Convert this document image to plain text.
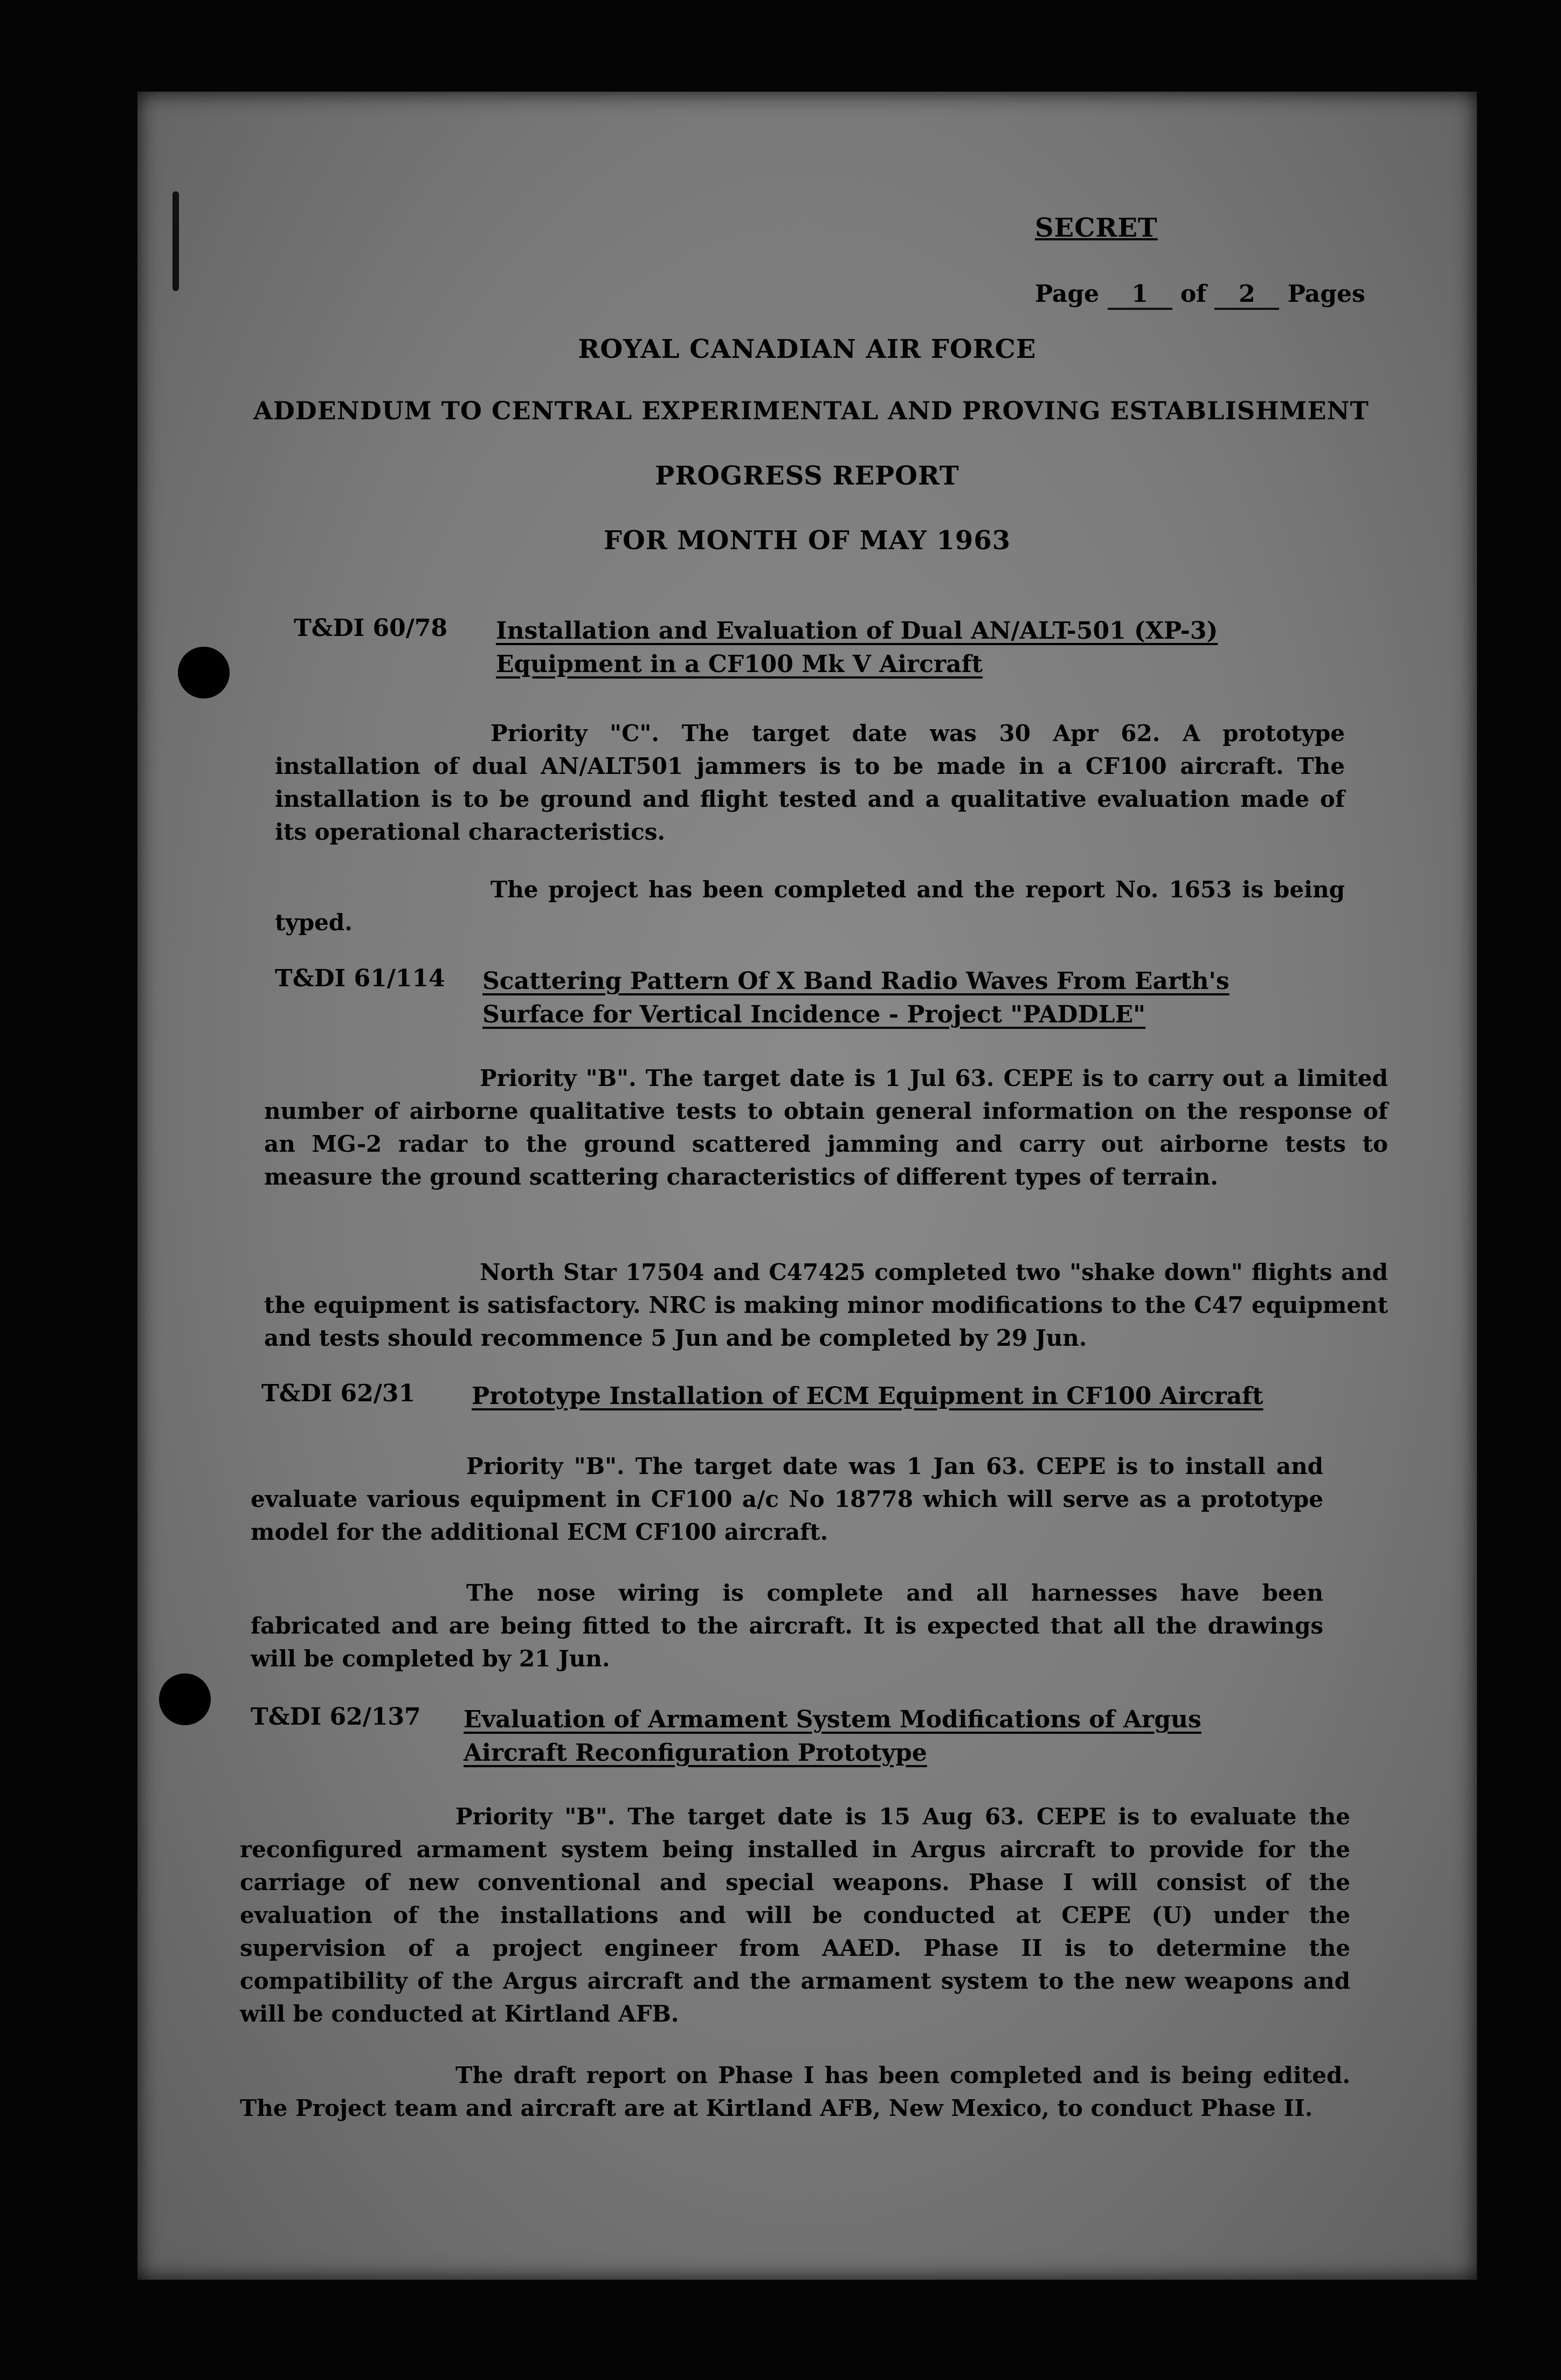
SECRET
Page 1 of 2 Pages
ROYAL CANADIAN AIR FORCE
ADDENDUM TO CENTRAL EXPERIMENTAL AND PROVING ESTABLISHMENT
PROGRESS REPORT
FOR MONTH OF MAY 1963
T&DI 60/78 Installation and Evaluation of Dual AN/ALT-501 (XP-3)
Equipment in a CF100 Mk V Aircraft
Priority "C". The target date was 30 Apr 62. A prototype installation of dual AN/ALT501 jammers is to be made in a CF100 aircraft. The installation is to be ground and flight tested and a qualitative evaluation made of its operational characteristics.
The project has been completed and the report No. 1653 is being typed.
T&DI 61/114 Scattering Pattern Of X Band Radio Waves From Earth's
Surface for Vertical Incidence - Project "PADDLE"
Priority "B". The target date is 1 Jul 63. CEPE is to carry out a limited number of airborne qualitative tests to obtain general information on the response of an MG-2 radar to the ground scattered jamming and carry out airborne tests to measure the ground scattering characteristics of different types of terrain.
North Star 17504 and C47425 completed two "shake down" flights and the equipment is satisfactory. NRC is making minor modifications to the C47 equipment and tests should recommence 5 Jun and be completed by 29 Jun.
T&DI 62/31 Prototype Installation of ECM Equipment in CF100 Aircraft
Priority "B". The target date was 1 Jan 63. CEPE is to install and evaluate various equipment in CF100 a/c No 18778 which will serve as a prototype model for the additional ECM CF100 aircraft.
The nose wiring is complete and all harnesses have been fabricated and are being fitted to the aircraft. It is expected that all the drawings will be completed by 21 Jun.
T&DI 62/137 Evaluation of Armament System Modifications of Argus
Aircraft Reconfiguration Prototype
Priority "B". The target date is 15 Aug 63. CEPE is to evaluate the reconfigured armament system being installed in Argus aircraft to provide for the carriage of new conventional and special weapons. Phase I will consist of the evaluation of the installations and will be conducted at CEPE (U) under the supervision of a project engineer from AAED. Phase II is to determine the compatibility of the Argus aircraft and the armament system to the new weapons and will be conducted at Kirtland AFB.
The draft report on Phase I has been completed and is being edited. The Project team and aircraft are at Kirtland AFB, New Mexico, to conduct Phase II.
